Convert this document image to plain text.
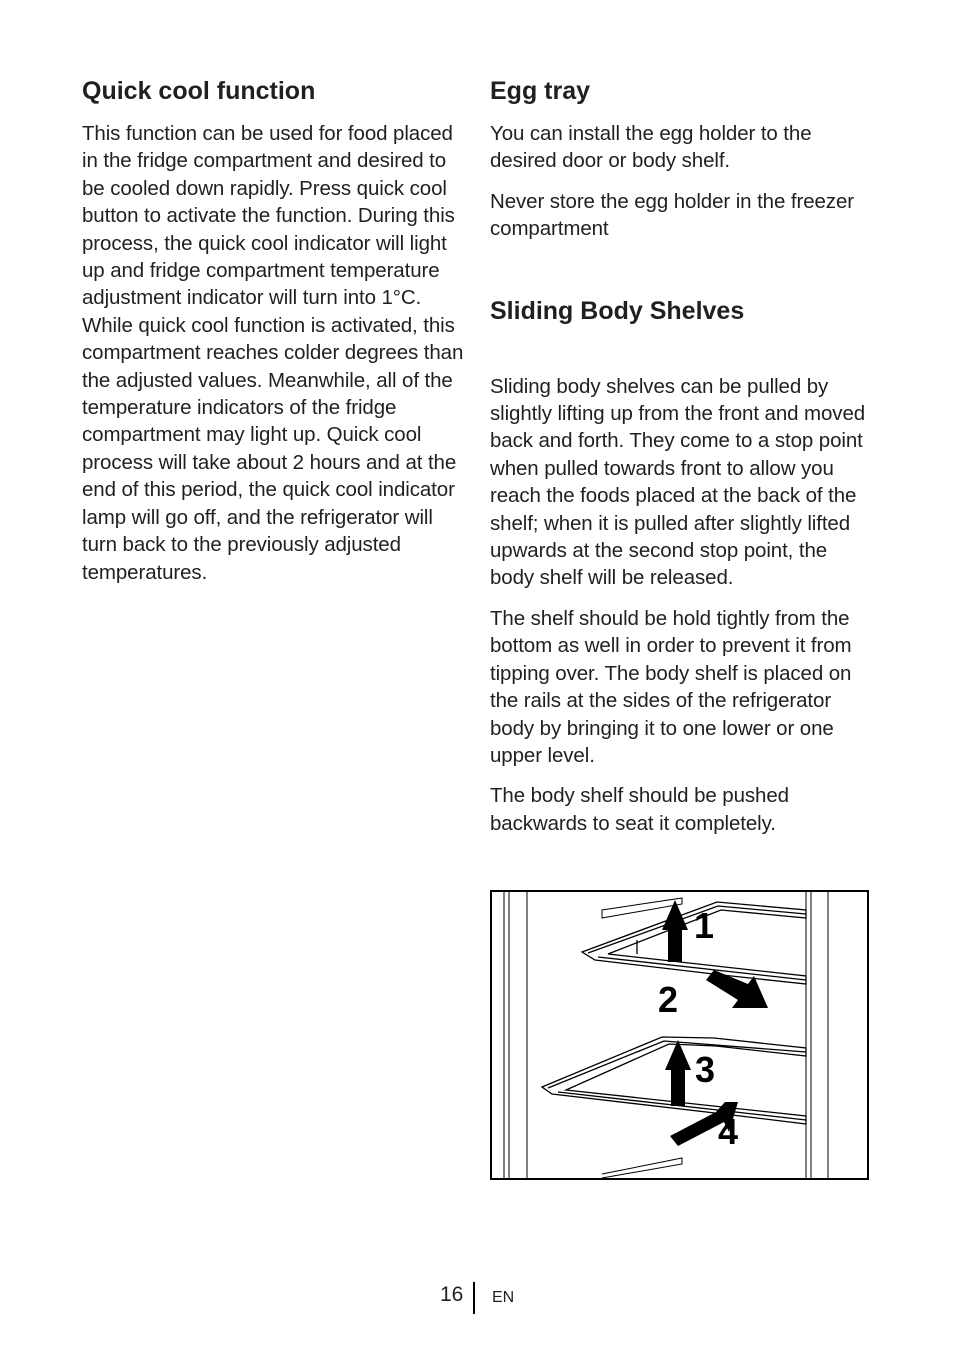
Quick cool function

This function can be used for food placed in the fridge compartment and desired to be cooled down rapidly. Press quick cool button to activate the function. During this process, the quick cool indicator will light up and fridge compartment temperature adjustment indicator will turn into 1°C. While quick cool function is activated, this compartment reaches colder degrees than the adjusted values. Meanwhile, all of the temperature indicators of the fridge compartment may light up. Quick cool process will take about 2 hours and at the end of this period, the quick cool indicator lamp will go off, and the refrigerator will turn back to the previously adjusted temperatures.

Egg tray

You can install the egg holder to the desired door or body shelf.

Never store the egg holder in the freezer compartment

Sliding Body Shelves

Sliding body shelves can be pulled by slightly lifting up from the front and moved back and forth. They come to a stop point when pulled towards front to allow you reach the foods placed at the back of the shelf; when it is pulled after slightly lifted upwards at the second stop point, the body shelf will be released.

The shelf should be hold tightly from the bottom as well in order to prevent it from tipping over. The body shelf is placed on the rails at the sides of the refrigerator body by bringing it to one lower or one upper level.

The body shelf should be pushed backwards to seat it completely.

1
2
3
4
16 EN
